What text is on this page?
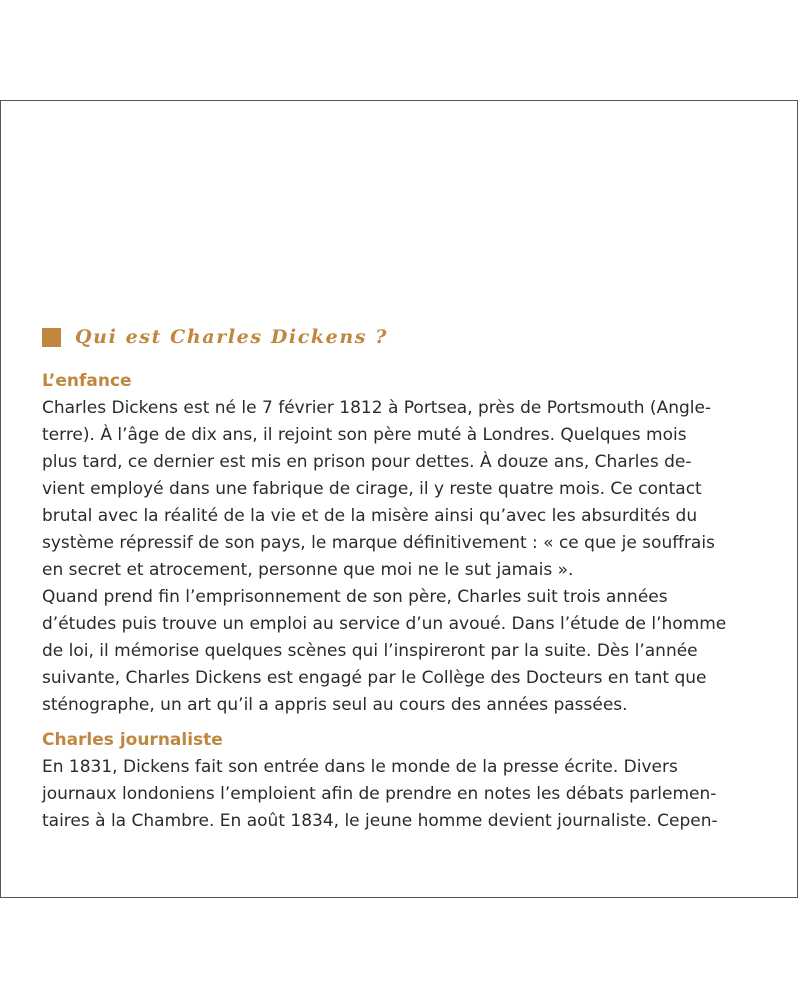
Qui est Charles Dickens ?
L’enfance

Charles Dickens est né le 7 février 1812 à Portsea, près de Portsmouth (Angle-
terre). À l’âge de dix ans, il rejoint son père muté à Londres. Quelques mois
plus tard, ce dernier est mis en prison pour dettes. À douze ans, Charles de-
vient employé dans une fabrique de cirage, il y reste quatre mois. Ce contact
brutal avec la réalité de la vie et de la misère ainsi qu’avec les absurdités du
système répressif de son pays, le marque définitivement : « ce que je souffrais
en secret et atrocement, personne que moi ne le sut jamais ».
Quand prend fin l’emprisonnement de son père, Charles suit trois années
d’études puis trouve un emploi au service d’un avoué. Dans l’étude de l’homme
de loi, il mémorise quelques scènes qui l’inspireront par la suite. Dès l’année
suivante, Charles Dickens est engagé par le Collège des Docteurs en tant que
sténographe, un art qu’il a appris seul au cours des années passées.

Charles journaliste

En 1831, Dickens fait son entrée dans le monde de la presse écrite. Divers
journaux londoniens l’emploient afin de prendre en notes les débats parlemen-
taires à la Chambre. En août 1834, le jeune homme devient journaliste. Cepen-
